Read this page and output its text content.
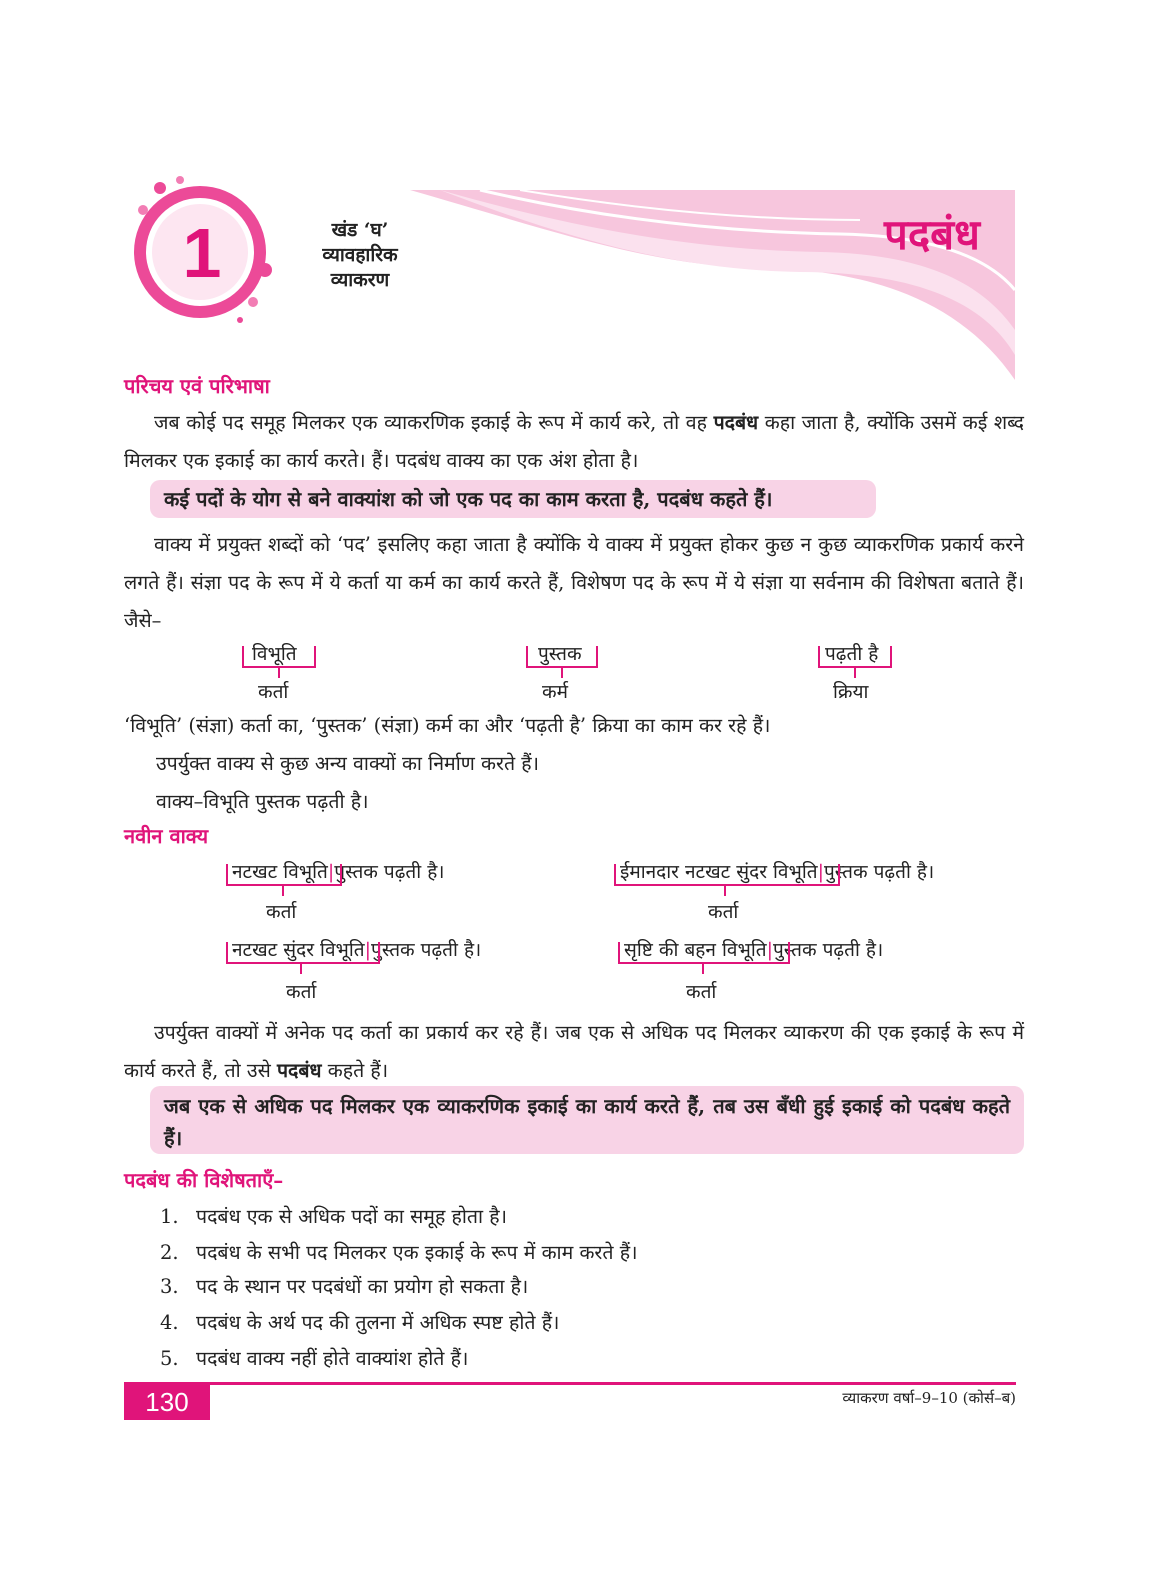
1	खंड ‘घ’
व्यावहारिक
व्याकरण
पदबंध
परिचय एवं परिभाषा
जब कोई पद समूह मिलकर एक व्याकरणिक इकाई के रूप में कार्य करे, तो वह पदबंध कहा जाता है, क्योंकि उसमें कई शब्द मिलकर एक इकाई का कार्य करते। हैं। पदबंध वाक्य का एक अंश होता है।
कई पदों के योग से बने वाक्यांश को जो एक पद का काम करता है, पदबंध कहते हैं।
वाक्य में प्रयुक्त शब्दों को ‘पद’ इसलिए कहा जाता है क्योंकि ये वाक्य में प्रयुक्त होकर कुछ न कुछ व्याकरणिक प्रकार्य करने लगते हैं। संज्ञा पद के रूप में ये कर्ता या कर्म का कार्य करते हैं, विशेषण पद के रूप में ये संज्ञा या सर्वनाम की विशेषता बताते हैं। जैसे–
विभूति
कर्ता
पुस्तक
कर्म
पढ़ती है
क्रिया
‘विभूति’ (संज्ञा) कर्ता का, ‘पुस्तक’ (संज्ञा) कर्म का और ‘पढ़ती है’ क्रिया का काम कर रहे हैं।
उपर्युक्त वाक्य से कुछ अन्य वाक्यों का निर्माण करते हैं।
वाक्य–विभूति पुस्तक पढ़ती है।
नवीन वाक्य
नटखट विभूति|पुस्तक पढ़ती है।
कर्ता
ईमानदार नटखट सुंदर विभूति|पुस्तक पढ़ती है।
कर्ता
नटखट सुंदर विभूति|पुस्तक पढ़ती है।
कर्ता
सृष्टि की बहन विभूति|पुस्तक पढ़ती है।
कर्ता
उपर्युक्त वाक्यों में अनेक पद कर्ता का प्रकार्य कर रहे हैं। जब एक से अधिक पद मिलकर व्याकरण की एक इकाई के रूप में कार्य करते हैं, तो उसे पदबंध कहते हैं।
जब एक से अधिक पद मिलकर एक व्याकरणिक इकाई का कार्य करते हैं, तब उस बँधी हुई इकाई को पदबंध कहते हैं।
पदबंध की विशेषताएँ–
1. पदबंध एक से अधिक पदों का समूह होता है।
2. पदबंध के सभी पद मिलकर एक इकाई के रूप में काम करते हैं।
3. पद के स्थान पर पदबंधों का प्रयोग हो सकता है।
4. पदबंध के अर्थ पद की तुलना में अधिक स्पष्ट होते हैं।
5. पदबंध वाक्य नहीं होते वाक्यांश होते हैं।
130	व्याकरण वर्षा–9–10 (कोर्स–ब)
